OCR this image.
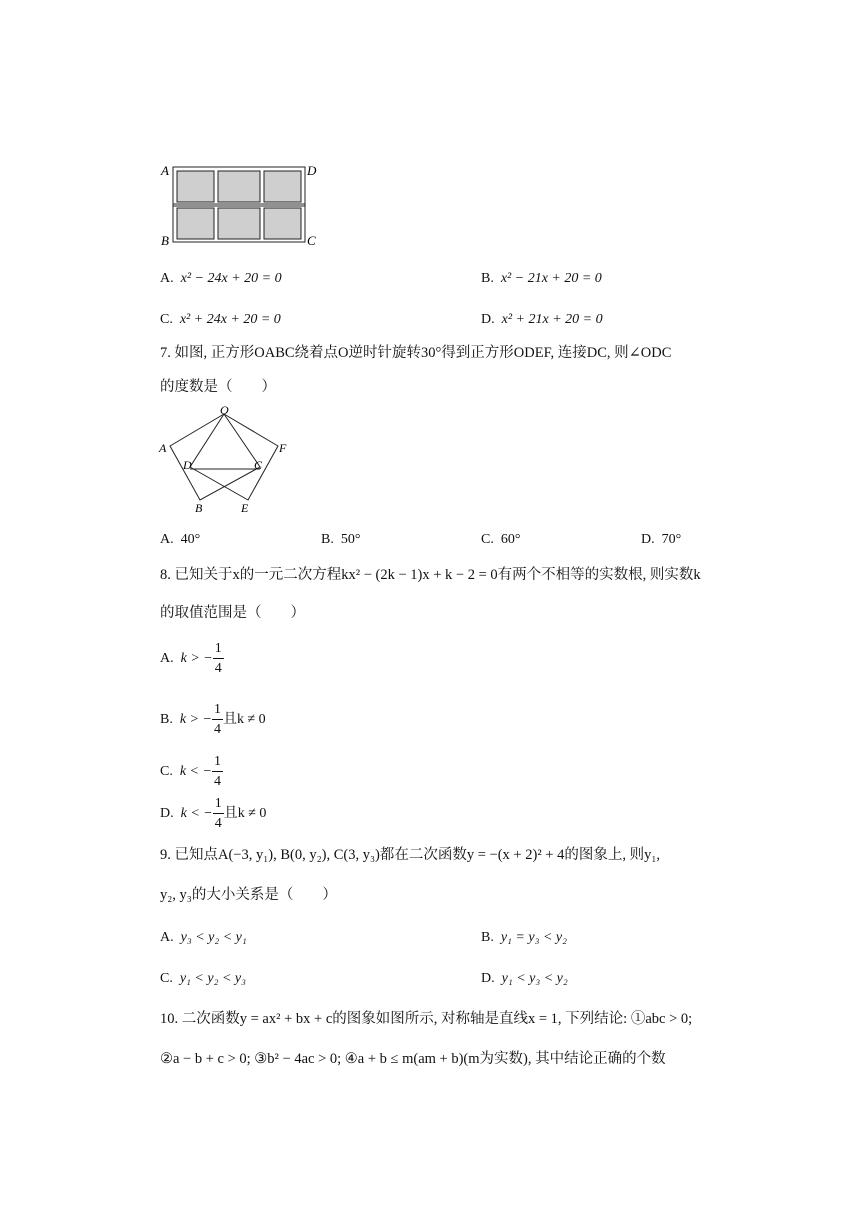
A	D
B	C
A. x² − 24x + 20 = 0	B. x² − 21x + 20 = 0
C. x² + 24x + 20 = 0	D. x² + 21x + 20 = 0
7. 如图, 正方形OABC绕着点O逆时针旋转30°得到正方形ODEF, 连接DC, 则∠ODC
的度数是（　　）
O
A	F
D	C
B	E
A. 40°	B. 50°	C. 60°	D. 70°
8. 已知关于x的一元二次方程kx² − (2k − 1)x + k − 2 = 0有两个不相等的实数根, 则实数k
的取值范围是（　　）
A. k > − $\frac{1}{4}$
B. k > − $\frac{1}{4}$ 且k ≠ 0
C. k < − $\frac{1}{4}$
D. k < − $\frac{1}{4}$ 且k ≠ 0
9. 已知点A(−3, y₁), B(0, y₂), C(3, y₃)都在二次函数y = −(x + 2)² + 4的图象上, 则y₁,
y₂, y₃的大小关系是（　　）
A. y₃ < y₂ < y₁	B. y₁ = y₃ < y₂
C. y₁ < y₂ < y₃	D. y₁ < y₃ < y₂
10. 二次函数y = ax² + bx + c的图象如图所示, 对称轴是直线x = 1, 下列结论: ①abc > 0;
②a − b + c > 0; ③b² − 4ac > 0; ④a + b ≤ m(am + b)(m为实数), 其中结论正确的个数
